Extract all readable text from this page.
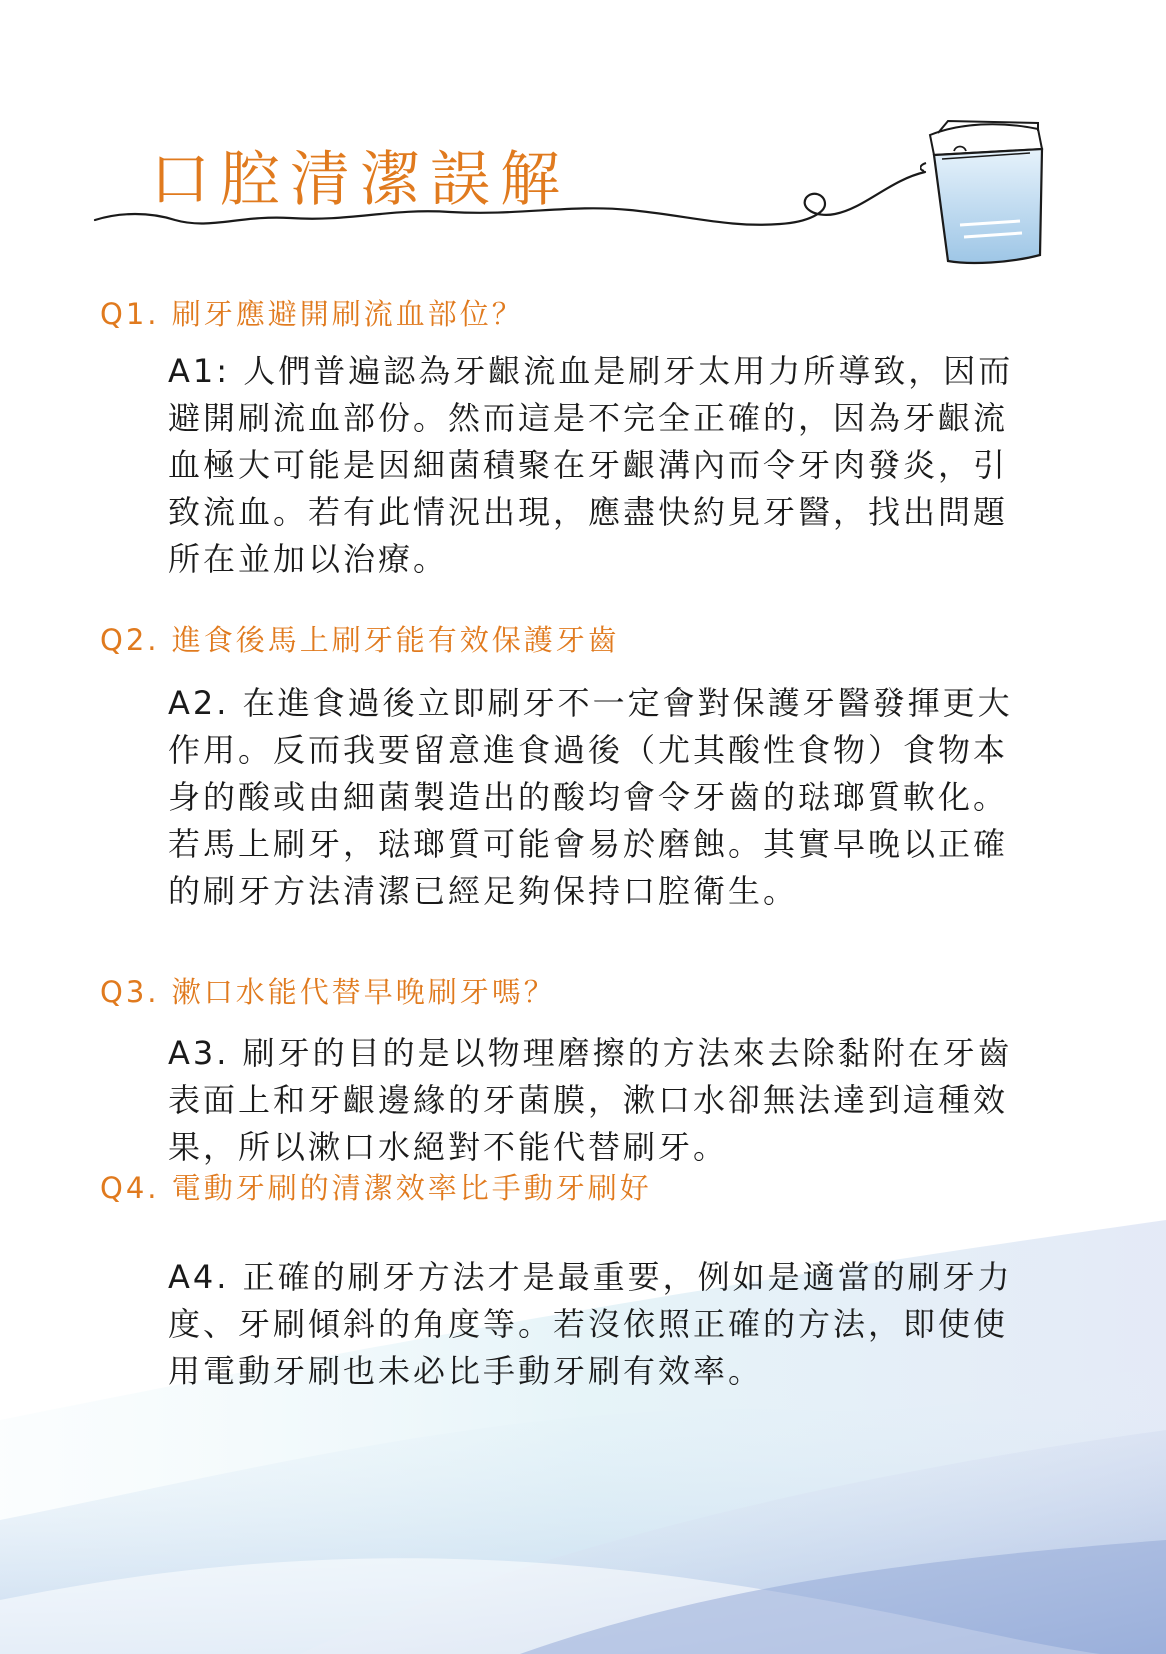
口腔清潔誤解
Q1. 刷牙應避開刷流血部位？

A1: 人們普遍認為牙齦流血是刷牙太用力所導致，因而避開刷流血部份。然而這是不完全正確的，因為牙齦流血極大可能是因細菌積聚在牙齦溝內而令牙肉發炎，引致流血。若有此情況出現，應盡快約見牙醫，找出問題所在並加以治療。

Q2. 進食後馬上刷牙能有效保護牙齒

A2. 在進食過後立即刷牙不一定會對保護牙醫發揮更大作用。反而我要留意進食過後（尤其酸性食物）食物本身的酸或由細菌製造出的酸均會令牙齒的琺瑯質軟化。若馬上刷牙，琺瑯質可能會易於磨蝕。其實早晚以正確的刷牙方法清潔已經足夠保持口腔衛生。

Q3. 漱口水能代替早晚刷牙嗎？

A3. 刷牙的目的是以物理磨擦的方法來去除黏附在牙齒表面上和牙齦邊緣的牙菌膜，漱口水卻無法達到這種效果，所以漱口水絕對不能代替刷牙。

Q4. 電動牙刷的清潔效率比手動牙刷好

A4. 正確的刷牙方法才是最重要，例如是適當的刷牙力度、牙刷傾斜的角度等。若沒依照正確的方法，即使使用電動牙刷也未必比手動牙刷有效率。
